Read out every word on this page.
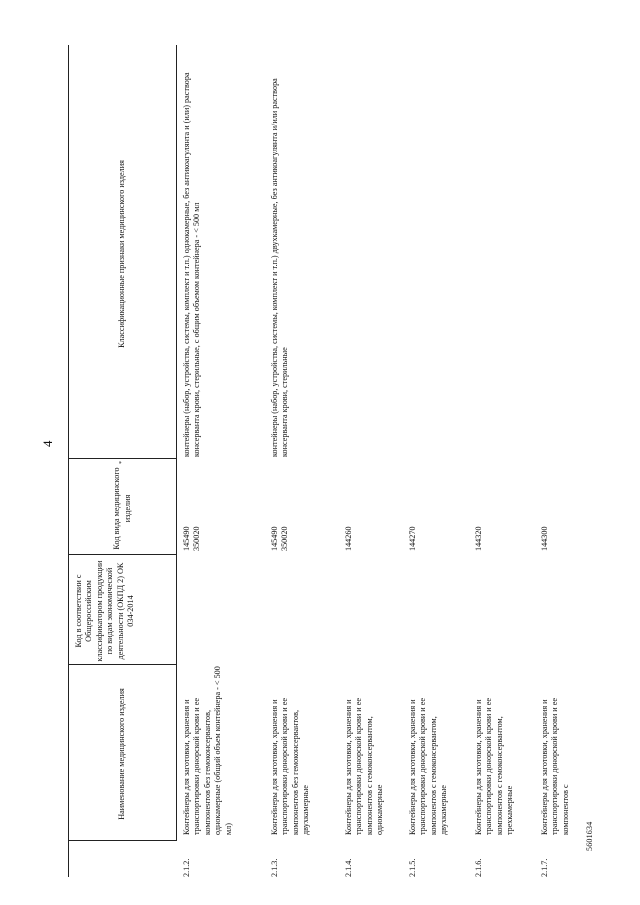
4
5601634
Наименование медицинского изделия
Код в соответствии с Общероссийским классификатором продукции по видам экономической деятельности (ОКПД 2) ОК 034-2014
Код вида медицинского изделия
*
Классификационные признаки медицинского изделия
2.1.2.
Контейнеры для заготовки, хранения и транспортировки донорской крови и ее компонентов без гемоконсервантов, однокамерные (общий объем контейнера - < 500 мл)
145490
350020
контейнеры (набор, устройства, системы, комплект и т.п.) однокамерные, без антикоагулянта и (или) раствора консерванта крови, стерильные, с общим объемом контейнера - < 500 мл
2.1.3.
Контейнеры для заготовки, хранения и транспортировки донорской крови и ее компонентов без гемоконсервантов, двухкамерные
145490
350020
контейнеры (набор, устройства, системы, комплект и т.п.) двухкамерные, без антикоагулянта и/или раствора консерванта крови, стерильные
2.1.4.
Контейнеры для заготовки, хранения и транспортировки донорской крови и ее компонентов с гемоконсервантом, однокамерные
144260
2.1.5.
Контейнеры для заготовки, хранения и транспортировки донорской крови и ее компонентов с гемоконсервантом, двухкамерные
144270
2.1.6.
Контейнеры для заготовки, хранения и транспортировки донорской крови и ее компонентов с гемоконсервантом, трехкамерные
144320
2.1.7.
Контейнеры для заготовки, хранения и транспортировки донорской крови и ее компонентов с
144300
